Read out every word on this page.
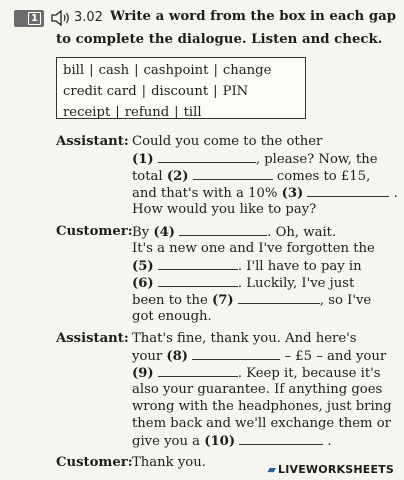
1	3.02 Write a word from the box in each gap
to complete the dialogue. Listen and check.
bill | cash | cashpoint | change
credit card | discount | PIN
receipt | refund | till
Assistant: Could you come to the other
(1)	, please? Now, the
total (2)	comes to £15,
and that's with a 10% (3)	.
How would you like to pay?
Customer: By (4)	. Oh, wait.
It's a new one and I've forgotten the
(5)	. I'll have to pay in
(6)	. Luckily, I've just
been to the (7)	, so I've
got enough.
Assistant: That's fine, thank you. And here's
your (8)	– £5 – and your
(9)	. Keep it, because it's
also your guarantee. If anything goes
wrong with the headphones, just bring
them back and we'll exchange them or
give you a (10)	.
Customer: Thank you.	▰ LIVEWORKSHEETS
